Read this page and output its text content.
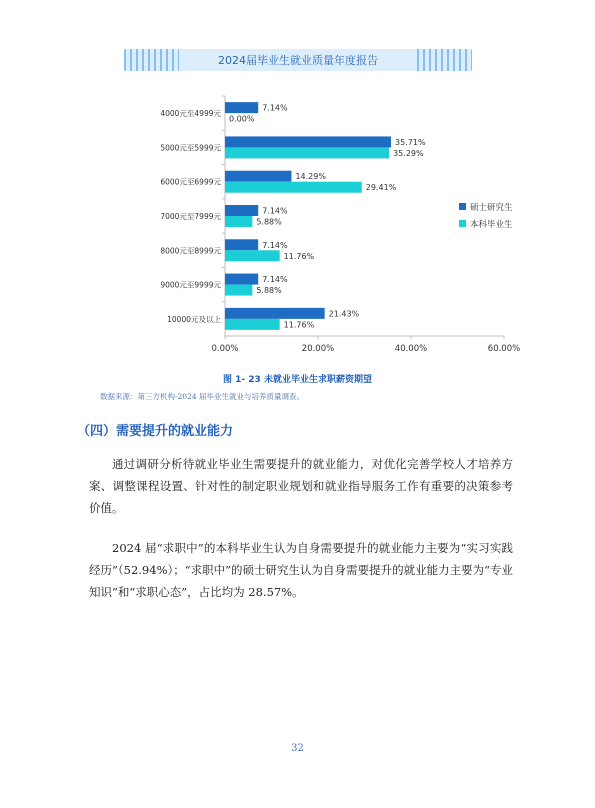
2024届毕业生就业质量年度报告
0.00%	20.00%	40.00%	60.00%
4000元至4999元
7.14%
0.00%
5000元至5999元
35.71%
35.29%
6000元至6999元
14.29%
29.41%
7000元至7999元
7.14%
5.88%
8000元至8999元
7.14%
11.76%
9000元至9999元
7.14%
5.88%
10000元及以上
21.43%
11.76%
硕士研究生
本科毕业生
图 1- 23 未就业毕业生求职薪资期望
数据来源：第三方机构-2024 届毕业生就业与培养质量调查。
（四）需要提升的就业能力

通过调研分析待就业毕业生需要提升的就业能力，对优化完善学校人才培养方案、调整课程设置、针对性的制定职业规划和就业指导服务工作有重要的决策参考价值。

2024 届“求职中”的本科毕业生认为自身需要提升的就业能力主要为“实习实践经历”（52.94%）；“求职中”的硕士研究生认为自身需要提升的就业能力主要为“专业知识”和“求职心态”，占比均为 28.57%。

32
